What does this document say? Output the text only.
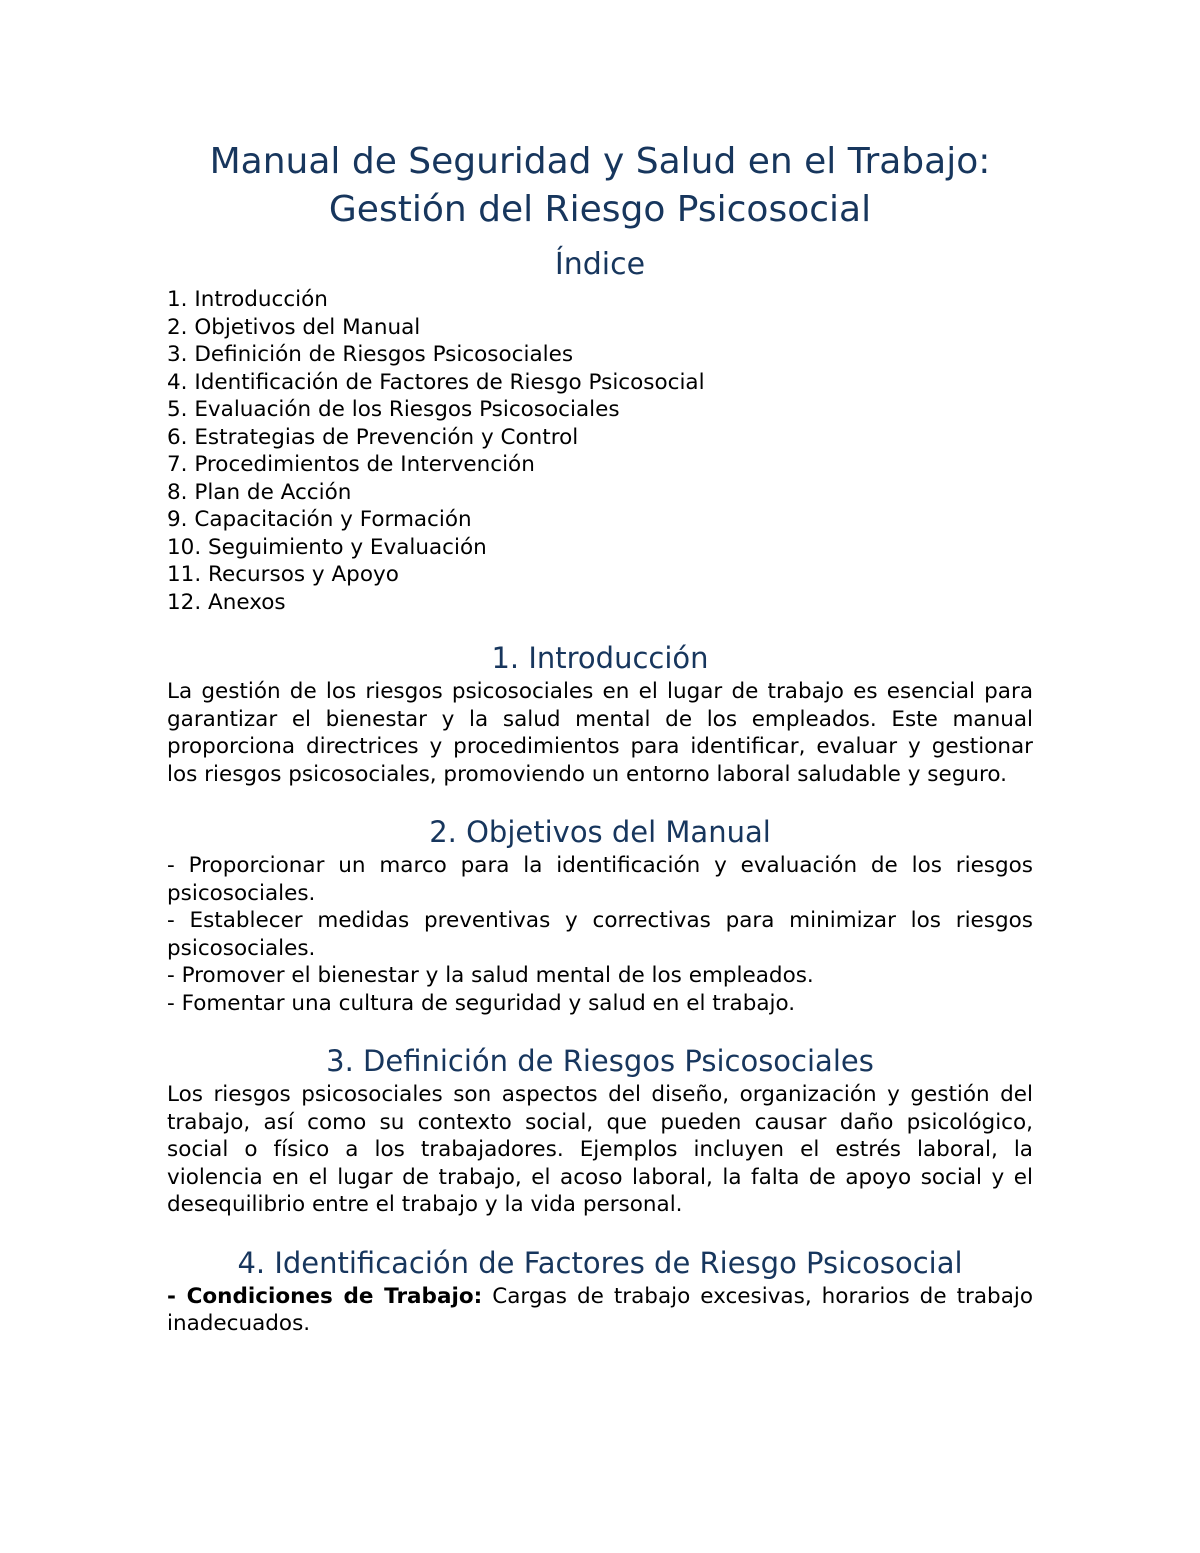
Manual de Seguridad y Salud en el Trabajo:
Gestión del Riesgo Psicosocial
Índice
1. Introducción
2. Objetivos del Manual
3. Definición de Riesgos Psicosociales
4. Identificación de Factores de Riesgo Psicosocial
5. Evaluación de los Riesgos Psicosociales
6. Estrategias de Prevención y Control
7. Procedimientos de Intervención
8. Plan de Acción
9. Capacitación y Formación
10. Seguimiento y Evaluación
11. Recursos y Apoyo
12. Anexos
1. Introducción

La gestión de los riesgos psicosociales en el lugar de trabajo es esencial para garantizar el bienestar y la salud mental de los empleados. Este manual proporciona directrices y procedimientos para identificar, evaluar y gestionar los riesgos psicosociales, promoviendo un entorno laboral saludable y seguro.

2. Objetivos del Manual

- Proporcionar un marco para la identificación y evaluación de los riesgos psicosociales.

- Establecer medidas preventivas y correctivas para minimizar los riesgos psicosociales.

- Promover el bienestar y la salud mental de los empleados.

- Fomentar una cultura de seguridad y salud en el trabajo.

3. Definición de Riesgos Psicosociales

Los riesgos psicosociales son aspectos del diseño, organización y gestión del trabajo, así como su contexto social, que pueden causar daño psicológico, social o físico a los trabajadores. Ejemplos incluyen el estrés laboral, la violencia en el lugar de trabajo, el acoso laboral, la falta de apoyo social y el desequilibrio entre el trabajo y la vida personal.

4. Identificación de Factores de Riesgo Psicosocial

- Condiciones de Trabajo: Cargas de trabajo excesivas, horarios de trabajo inadecuados.
